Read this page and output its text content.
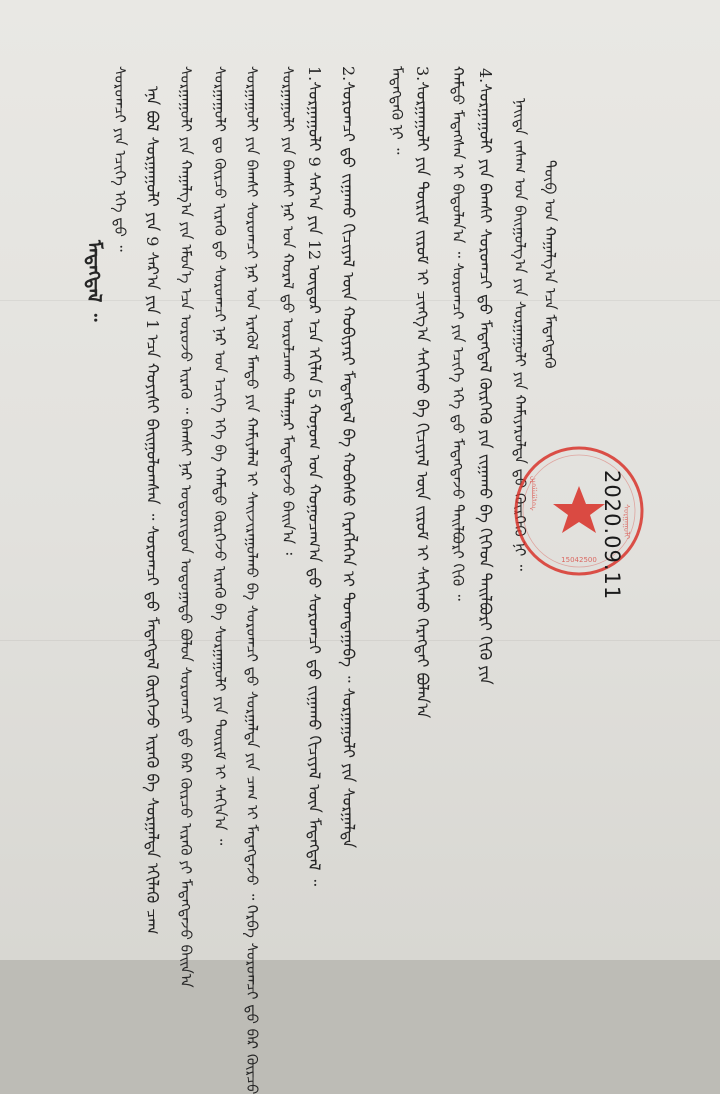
ᠲᠦᠪ ᠤᠨ ᠬᠠᠭᠠᠯᠭ᠎ᠠ ᠡᠴᠡ ᠮᠡᠳᠡᠭᠳᠡᠬᠦ
ᠨᠡᠢᠲᠡ ᠵᠠᠰᠠᠭ ᠤᠨ ᠪᠠᠢᠭᠤᠯᠭ᠎ᠠ ᠶᠢᠨ ᠰᠤᠷᠭᠠᠭᠤᠯᠢ ᠶᠢᠨ ᠬᠠᠮᠢᠶᠠᠷᠤᠯᠲᠠ ᠳ᠋ᠤ ᠬᠦᠷᠭᠡᠬᠦ ᠨᠢ ᠃
4.ᠰᠤᠷᠭᠠᠭᠤᠯᠢ ᠶᠢᠨ ᠪᠠᠭᠰᠢ ᠰᠤᠷᠤᠭᠴᠢ ᠳ᠋ᠤ ᠮᠡᠳᠡᠭᠳᠡᠯ ᠬᠦᠷᠭᠡᠬᠦ ᠶᠢᠨ ᠵᠢᠭᠠᠬᠤ ᠪᠠ ᠬᠢᠭᠡᠳ ᠲᠠᠢᠯᠪᠤᠷᠢ ᠬᠢᠬᠦ ᠶᠢᠨ
ᠬᠠᠮᠲᠤ ᠮᠡᠳᠡᠭᠰᠡᠨ ᠢ ᠪᠠᠲᠤᠯᠠᠨ᠎ᠠ ᠃ ᠰᠤᠷᠤᠭᠴᠢ ᠶᠢᠨ ᠡᠴᠢᠭᠡ ᠡᠬᠡ ᠳ᠋ᠤ ᠮᠡᠳᠡᠭᠳᠡᠵᠦ ᠲᠠᠢᠯᠪᠤᠷᠢ ᠬᠢᠬᠦ ᠃
3.ᠰᠤᠷᠭᠠᠭᠤᠯᠢ ᠶᠢᠨ ᠳᠦᠷᠢᠮ ᠵᠢᠷᠤᠮ ᠢ ᠴᠢᠩᠭ᠎ᠠ ᠰᠠᠬᠢᠬᠤ ᠪᠠ ᠬᠢᠴᠢᠶᠡᠯ ᠦᠨ ᠵᠢᠷᠤᠮ ᠢ ᠰᠠᠬᠢᠬᠤ ᠬᠡᠷᠡᠭᠲᠡᠢ ᠪᠣᠯᠠᠨ᠎ᠠ
ᠮᠡᠳᠡᠭᠳᠡᠬᠦ ᠨᠢ ᠃
2.ᠰᠤᠷᠤᠭᠴᠢ ᠳ᠋ᠤ ᠵᠢᠭᠠᠬᠤ ᠬᠢᠴᠢᠶᠡᠯ ᠦᠨ ᠬᠤᠪᠢᠶᠠᠷᠢ ᠮᠡᠳᠡᠭᠳᠡᠯ ᠪᠠ ᠬᠤᠪᠠᠰᠤ ᠬᠡᠷᠡᠭᠯᠡᠭᠡᠨ ᠢ ᠲᠣᠭᠲᠠᠭᠠᠪᠠ ᠃ ᠰᠤᠷᠭᠠᠭᠤᠯᠢ ᠶᠢᠨ ᠰᠤᠷᠭᠠᠯᠲᠠ
1.ᠰᠤᠷᠭᠠᠭᠤᠯᠢ 9 ᠰᠠᠷ᠎ᠠ ᠶᠢᠨ 12 ᠦᠳᠦᠷ ᠡᠴᠡ ᠡᠬᠢᠯᠡᠨ 5 ᠬᠣᠨᠤᠭ ᠤᠨ ᠬᠤᠭᠤᠴᠠᠭ᠎ᠠ ᠳ᠋ᠤ ᠰᠤᠷᠤᠭᠴᠢ ᠳ᠋ᠤ ᠵᠢᠭᠠᠬᠤ ᠬᠢᠴᠢᠶᠡᠯ ᠦᠨ ᠮᠡᠳᠡᠭᠳᠡᠯ ᠃
ᠰᠤᠷᠭᠠᠭᠤᠯᠢ ᠶᠢᠨ ᠪᠠᠭᠰᠢ ᠨᠠᠷ ᠤᠨ ᠬᠤᠷᠠᠯ ᠳ᠋ᠤ ᠣᠷᠣᠯᠴᠠᠬᠤ ᠲᠠᠯᠠᠭᠠᠷ ᠮᠡᠳᠡᠭᠳᠡᠵᠦ ᠪᠠᠢᠨ᠎ᠠ ᠄
ᠰᠤᠷᠭᠠᠭᠤᠯᠢ ᠶᠢᠨ ᠪᠠᠭᠰᠢ ᠰᠤᠷᠤᠭᠴᠢ ᠨᠠᠷ ᠤᠨ ᠡᠷᠡᠭᠦᠯ ᠮᠡᠨᠳᠦ ᠶᠢᠨ ᠬᠠᠮᠢᠶᠠᠯᠠᠯ ᠢ ᠰᠠᠢᠵᠢᠷᠠᠭᠤᠯᠬᠤ ᠪᠠ ᠰᠤᠷᠤᠭᠴᠢ ᠳ᠋ᠤ ᠰᠤᠷᠭᠠᠯᠲᠠ ᠶᠢᠨ ᠴᠠᠭ ᠢ ᠮᠡᠳᠡᠭᠳᠡᠵᠦ ᠃ ᠬᠡᠷᠪᠡ ᠰᠤᠷᠤᠭᠴᠢ ᠳ᠋ᠤ ᠪᠠᠷ ᠬᠦᠷᠴᠦ
ᠰᠤᠷᠭᠠᠭᠤᠯᠢ ᠳᠤ ᠬᠦᠷᠴᠦ ᠢᠷᠡᠬᠦ ᠳ᠋ᠤ ᠰᠤᠷᠤᠭᠴᠢ ᠨᠠᠷ ᠤᠨ ᠡᠴᠢᠭᠡ ᠡᠬᠡ ᠪᠠ ᠬᠠᠮᠲᠤ ᠬᠦᠷᠭᠡᠵᠦ ᠢᠷᠡᠬᠦ ᠪᠠ ᠰᠤᠷᠭᠠᠭᠤᠯᠢ ᠶᠢᠨ ᠳᠦᠷᠢᠮ ᠢ ᠰᠠᠬᠢᠨ᠎ᠠ ᠃
ᠰᠤᠷᠭᠠᠭᠤᠯᠢ ᠶᠢᠨ ᠬᠠᠭᠠᠯᠭ᠎ᠠ ᠶᠢᠨ ᠡᠮᠦᠨ᠎ᠡ ᠡᠴᠡ ᠣᠷᠣᠵᠤ ᠢᠷᠡᠬᠦ ᠃ ᠪᠠᠭᠰᠢ ᠨᠠᠷ ᠤᠳᠤᠷᠢᠳᠤᠨ ᠤᠲᠤᠭᠠᠳᠤ ᠪᠤᠯᠤᠨ ᠰᠤᠷᠤᠭᠴᠢ ᠳ᠋ᠤ ᠪᠠᠷ ᠬᠦᠷᠴᠦ ᠢᠷᠡᠬᠦ ᠶᠢ ᠮᠡᠳᠡᠭᠳᠡᠵᠦ ᠪᠠᠢᠨ᠎ᠠ
ᠡᠨᠡ ᠪᠣᠯ ᠰᠤᠷᠭᠠᠭᠤᠯᠢ ᠶᠢᠨ 9 ᠰᠠᠷ᠎ᠠ ᠶᠢᠨ 1 ᠡᠴᠡ ᠬᠣᠶᠢᠰᠢ ᠪᠠᠢᠭᠤᠯᠤᠭᠰᠠᠨ ᠃ ᠰᠤᠷᠤᠭᠴᠢ ᠳ᠋ᠤ ᠮᠡᠳᠡᠭᠳᠡᠯ ᠬᠦᠷᠭᠡᠵᠦ ᠢᠷᠡᠬᠦ ᠪᠠ ᠰᠤᠷᠭᠠᠯᠲᠠ ᠡᠬᠢᠯᠡᠬᠦ ᠴᠠᠭ
ᠰᠤᠷᠤᠭᠴᠢ ᠶᠢᠨ ᠡᠴᠢᠭᠡ ᠡᠬᠡ ᠳ᠋ᠤ ᠃
ᠮᠡᠳᠡᠭᠳᠡᠯ ᠃
15042500
ᠰᠤᠷᠭᠠᠭᠤᠯᠢ
ᠰᠤᠷᠭᠠᠭᠤᠯᠢ
2020.09.11
